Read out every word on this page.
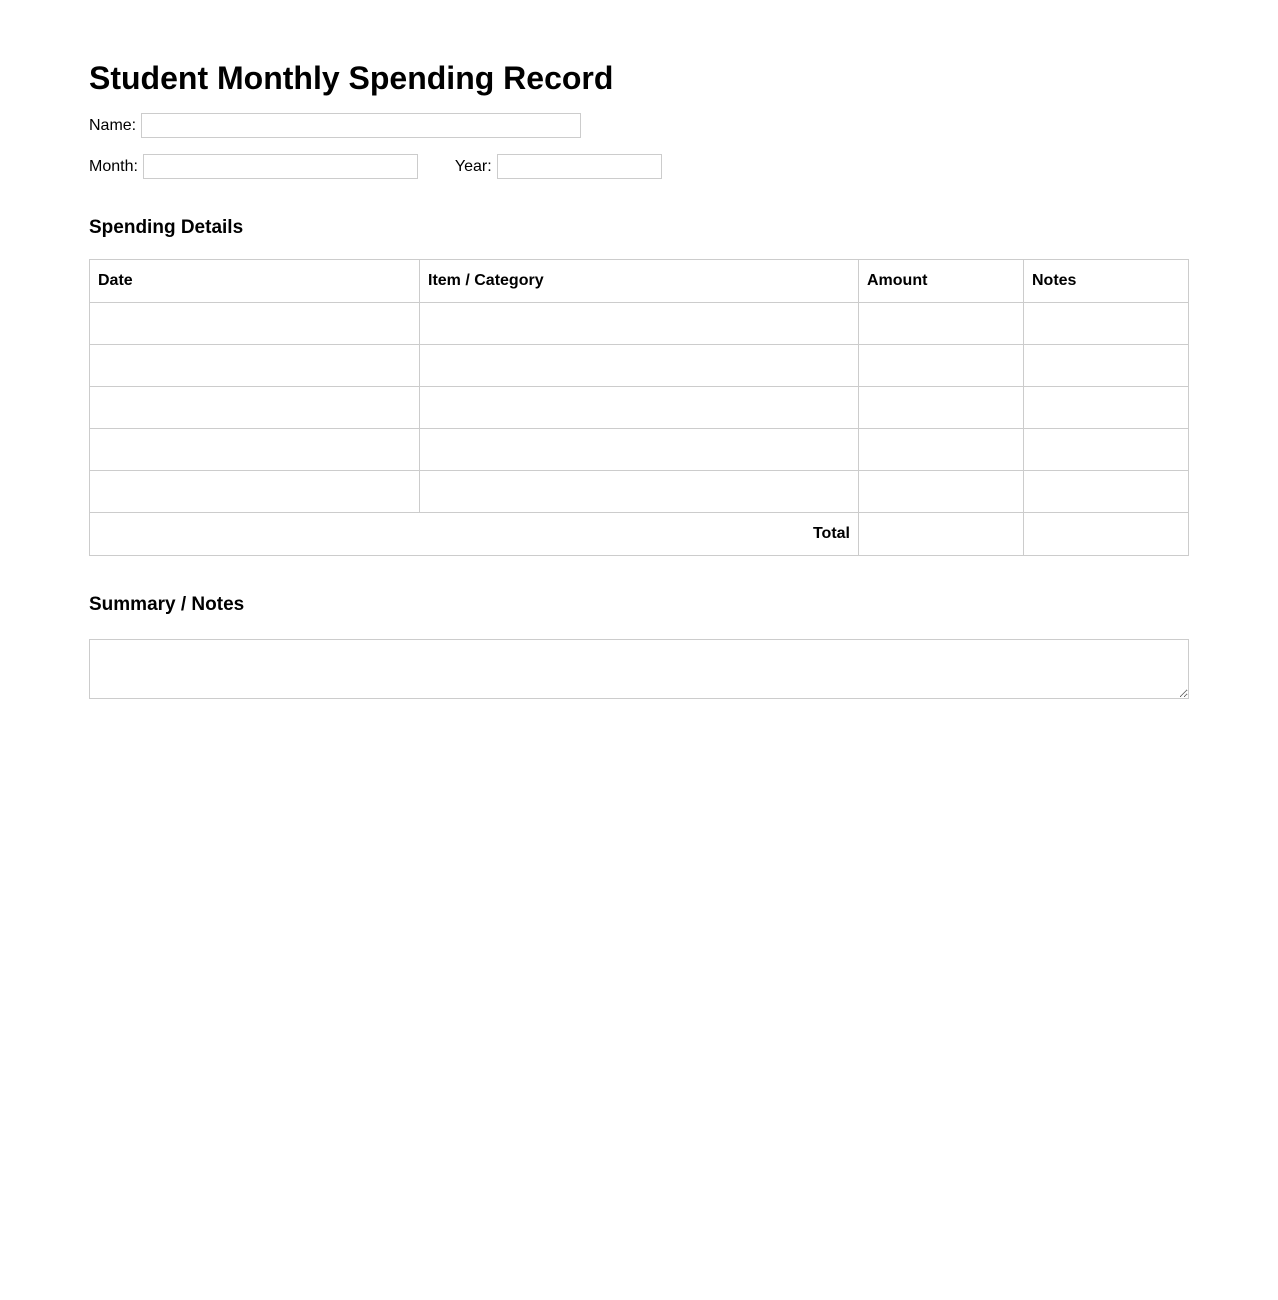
Student Monthly Spending Record
Name:
Month:	Year:
Spending Details
Date	Item / Category	Amount	Notes

Total			
Summary / Notes
